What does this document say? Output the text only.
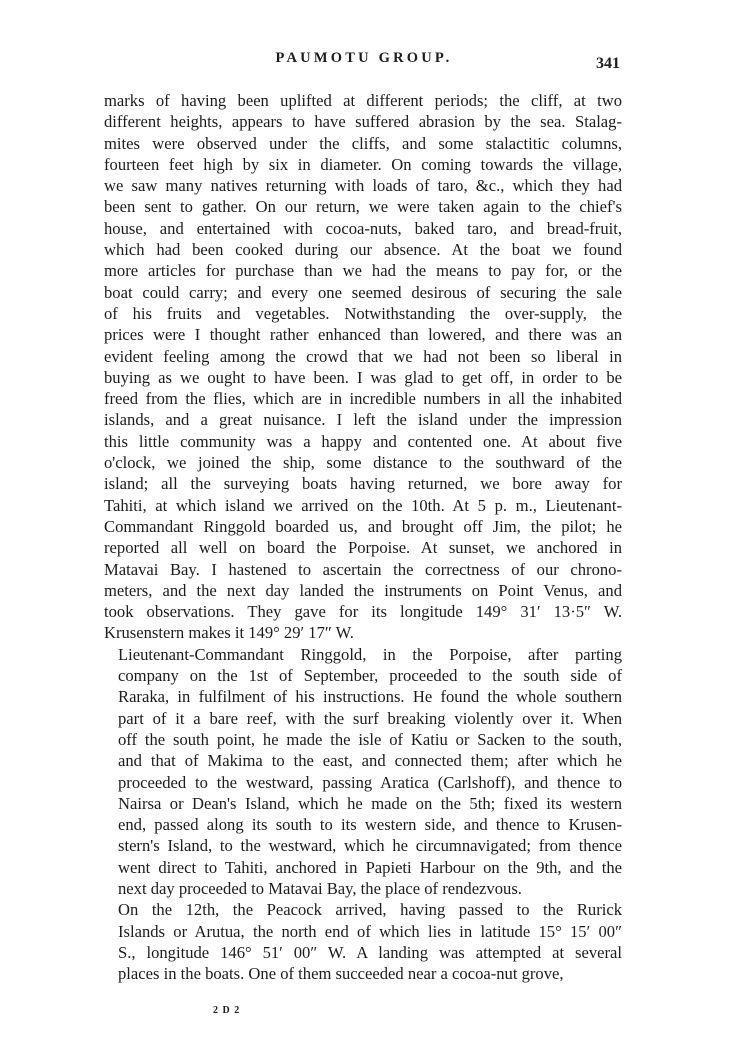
PAUMOTU GROUP.	341

marks of having been uplifted at different periods; the cliff, at two
different heights, appears to have suffered abrasion by the sea. Stalag-
mites were observed under the cliffs, and some stalactitic columns,
fourteen feet high by six in diameter. On coming towards the village,
we saw many natives returning with loads of taro, &c., which they had
been sent to gather. On our return, we were taken again to the chief's
house, and entertained with cocoa-nuts, baked taro, and bread-fruit,
which had been cooked during our absence. At the boat we found
more articles for purchase than we had the means to pay for, or the
boat could carry; and every one seemed desirous of securing the sale
of his fruits and vegetables. Notwithstanding the over-supply, the
prices were I thought rather enhanced than lowered, and there was an
evident feeling among the crowd that we had not been so liberal in
buying as we ought to have been. I was glad to get off, in order to be
freed from the flies, which are in incredible numbers in all the inhabited
islands, and a great nuisance. I left the island under the impression
this little community was a happy and contented one. At about five
o'clock, we joined the ship, some distance to the southward of the
island; all the surveying boats having returned, we bore away for
Tahiti, at which island we arrived on the 10th. At 5 p. m., Lieutenant-
Commandant Ringgold boarded us, and brought off Jim, the pilot; he
reported all well on board the Porpoise. At sunset, we anchored in
Matavai Bay. I hastened to ascertain the correctness of our chrono-
meters, and the next day landed the instruments on Point Venus, and
took observations. They gave for its longitude 149° 31′ 13·5″ W.
Krusenstern makes it 149° 29′ 17″ W.

Lieutenant-Commandant Ringgold, in the Porpoise, after parting
company on the 1st of September, proceeded to the south side of
Raraka, in fulfilment of his instructions. He found the whole southern
part of it a bare reef, with the surf breaking violently over it. When
off the south point, he made the isle of Katiu or Sacken to the south,
and that of Makima to the east, and connected them; after which he
proceeded to the westward, passing Aratica (Carlshoff), and thence to
Nairsa or Dean's Island, which he made on the 5th; fixed its western
end, passed along its south to its western side, and thence to Krusen-
stern's Island, to the westward, which he circumnavigated; from thence
went direct to Tahiti, anchored in Papieti Harbour on the 9th, and the
next day proceeded to Matavai Bay, the place of rendezvous.

On the 12th, the Peacock arrived, having passed to the Rurick
Islands or Arutua, the north end of which lies in latitude 15° 15′ 00″
S., longitude 146° 51′ 00″ W. A landing was attempted at several
places in the boats. One of them succeeded near a cocoa-nut grove,

2 D 2
